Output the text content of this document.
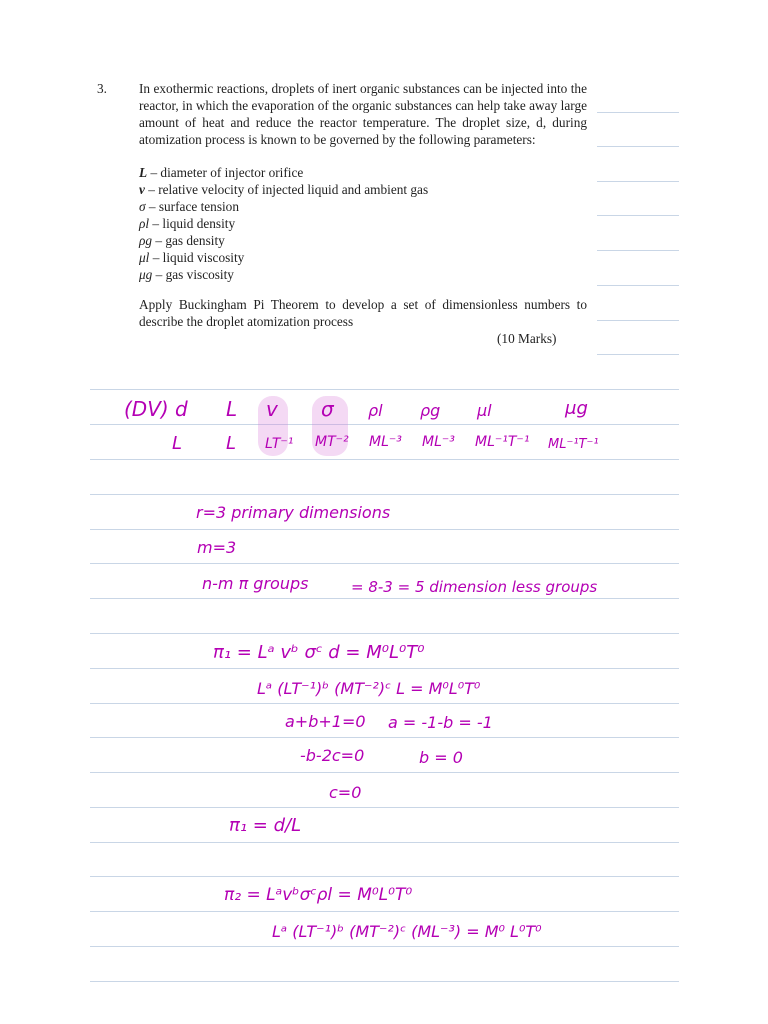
3. In exothermic reactions, droplets of inert organic substances can be injected into the reactor, in which the evaporation of the organic substances can help take away large amount of heat and reduce the reactor temperature. The droplet size, d, during atomization process is known to be governed by the following parameters:
L – diameter of injector orifice
v – relative velocity of injected liquid and ambient gas
σ – surface tension
ρl – liquid density
ρg – gas density
μl – liquid viscosity
μg – gas viscosity
Apply Buckingham Pi Theorem to develop a set of dimensionless numbers to describe the droplet atomization process
(10 Marks)
(DV) d L v σ ρl ρg μl	μg
L L LT⁻¹ MT⁻² ML⁻³ ML⁻³ ML⁻¹T⁻¹ ML⁻¹T⁻¹
r=3 primary dimensions
m=3
n-m π groups	= 8-3 = 5 dimension less groups
π₁ = Lᵃ vᵇ σᶜ d = M⁰L⁰T⁰
Lᵃ (LT⁻¹)ᵇ (MT⁻²)ᶜ L = M⁰L⁰T⁰
a+b+1=0 a = -1-b = -1
-b-2c=0	b = 0
c=0
π₁ = d/L
π₂ = Lᵃvᵇσᶜρl = M⁰L⁰T⁰
Lᵃ (LT⁻¹)ᵇ (MT⁻²)ᶜ (ML⁻³) = M⁰ L⁰T⁰
